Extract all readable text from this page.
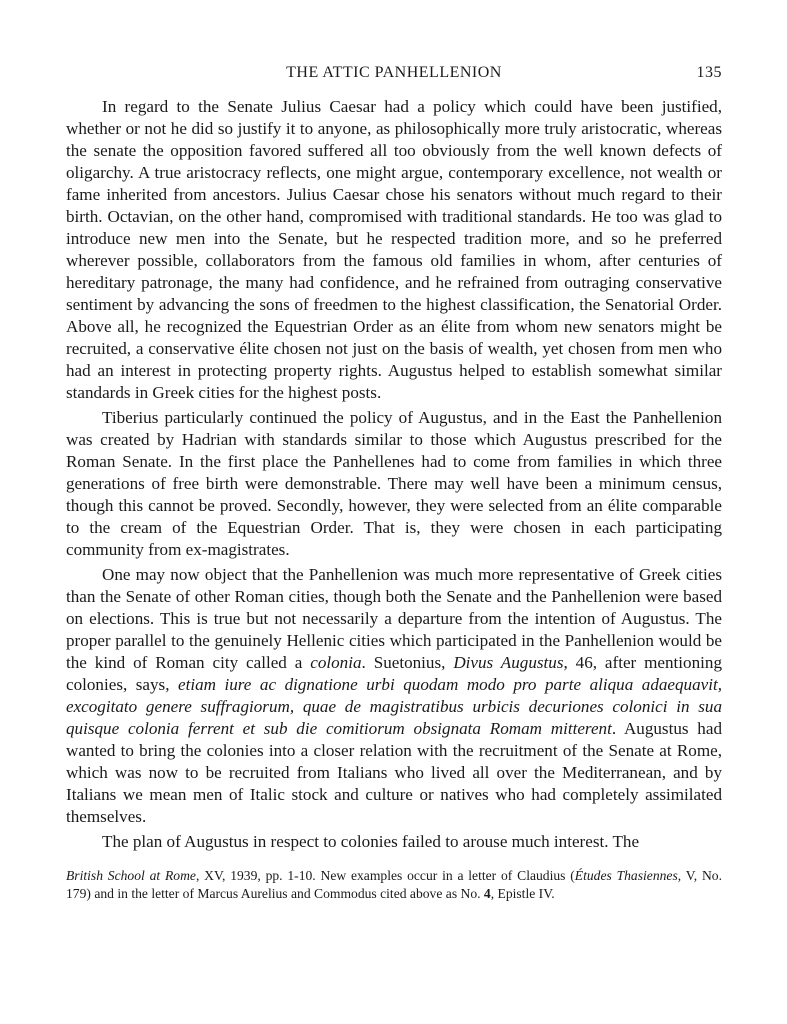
THE ATTIC PANHELLENION	135

In regard to the Senate Julius Caesar had a policy which could have been justified, whether or not he did so justify it to anyone, as philosophically more truly aristocratic, whereas the senate the opposition favored suffered all too obviously from the well known defects of oligarchy. A true aristocracy reflects, one might argue, contemporary excellence, not wealth or fame inherited from ancestors. Julius Caesar chose his senators without much regard to their birth. Octavian, on the other hand, compromised with traditional standards. He too was glad to introduce new men into the Senate, but he respected tradition more, and so he preferred wherever possible, collaborators from the famous old families in whom, after centuries of hereditary patronage, the many had confidence, and he refrained from outraging conservative sentiment by advancing the sons of freedmen to the highest classification, the Senatorial Order. Above all, he recognized the Equestrian Order as an élite from whom new senators might be recruited, a conservative élite chosen not just on the basis of wealth, yet chosen from men who had an interest in protecting property rights. Augustus helped to establish somewhat similar standards in Greek cities for the highest posts.

Tiberius particularly continued the policy of Augustus, and in the East the Panhellenion was created by Hadrian with standards similar to those which Augustus prescribed for the Roman Senate. In the first place the Panhellenes had to come from families in which three generations of free birth were demonstrable. There may well have been a minimum census, though this cannot be proved. Secondly, however, they were selected from an élite comparable to the cream of the Equestrian Order. That is, they were chosen in each participating community from ex-magistrates.

One may now object that the Panhellenion was much more representative of Greek cities than the Senate of other Roman cities, though both the Senate and the Panhellenion were based on elections. This is true but not necessarily a departure from the intention of Augustus. The proper parallel to the genuinely Hellenic cities which participated in the Panhellenion would be the kind of Roman city called a colonia. Suetonius, Divus Augustus, 46, after mentioning colonies, says, etiam iure ac dignatione urbi quodam modo pro parte aliqua adaequavit, excogitato genere suffragiorum, quae de magistratibus urbicis decuriones colonici in sua quisque colonia ferrent et sub die comitiorum obsignata Romam mitterent. Augustus had wanted to bring the colonies into a closer relation with the recruitment of the Senate at Rome, which was now to be recruited from Italians who lived all over the Mediterranean, and by Italians we mean men of Italic stock and culture or natives who had completely assimilated themselves.

The plan of Augustus in respect to colonies failed to arouse much interest. The

British School at Rome, XV, 1939, pp. 1-10. New examples occur in a letter of Claudius (Études Thasiennes, V, No. 179) and in the letter of Marcus Aurelius and Commodus cited above as No. 4, Epistle IV.
